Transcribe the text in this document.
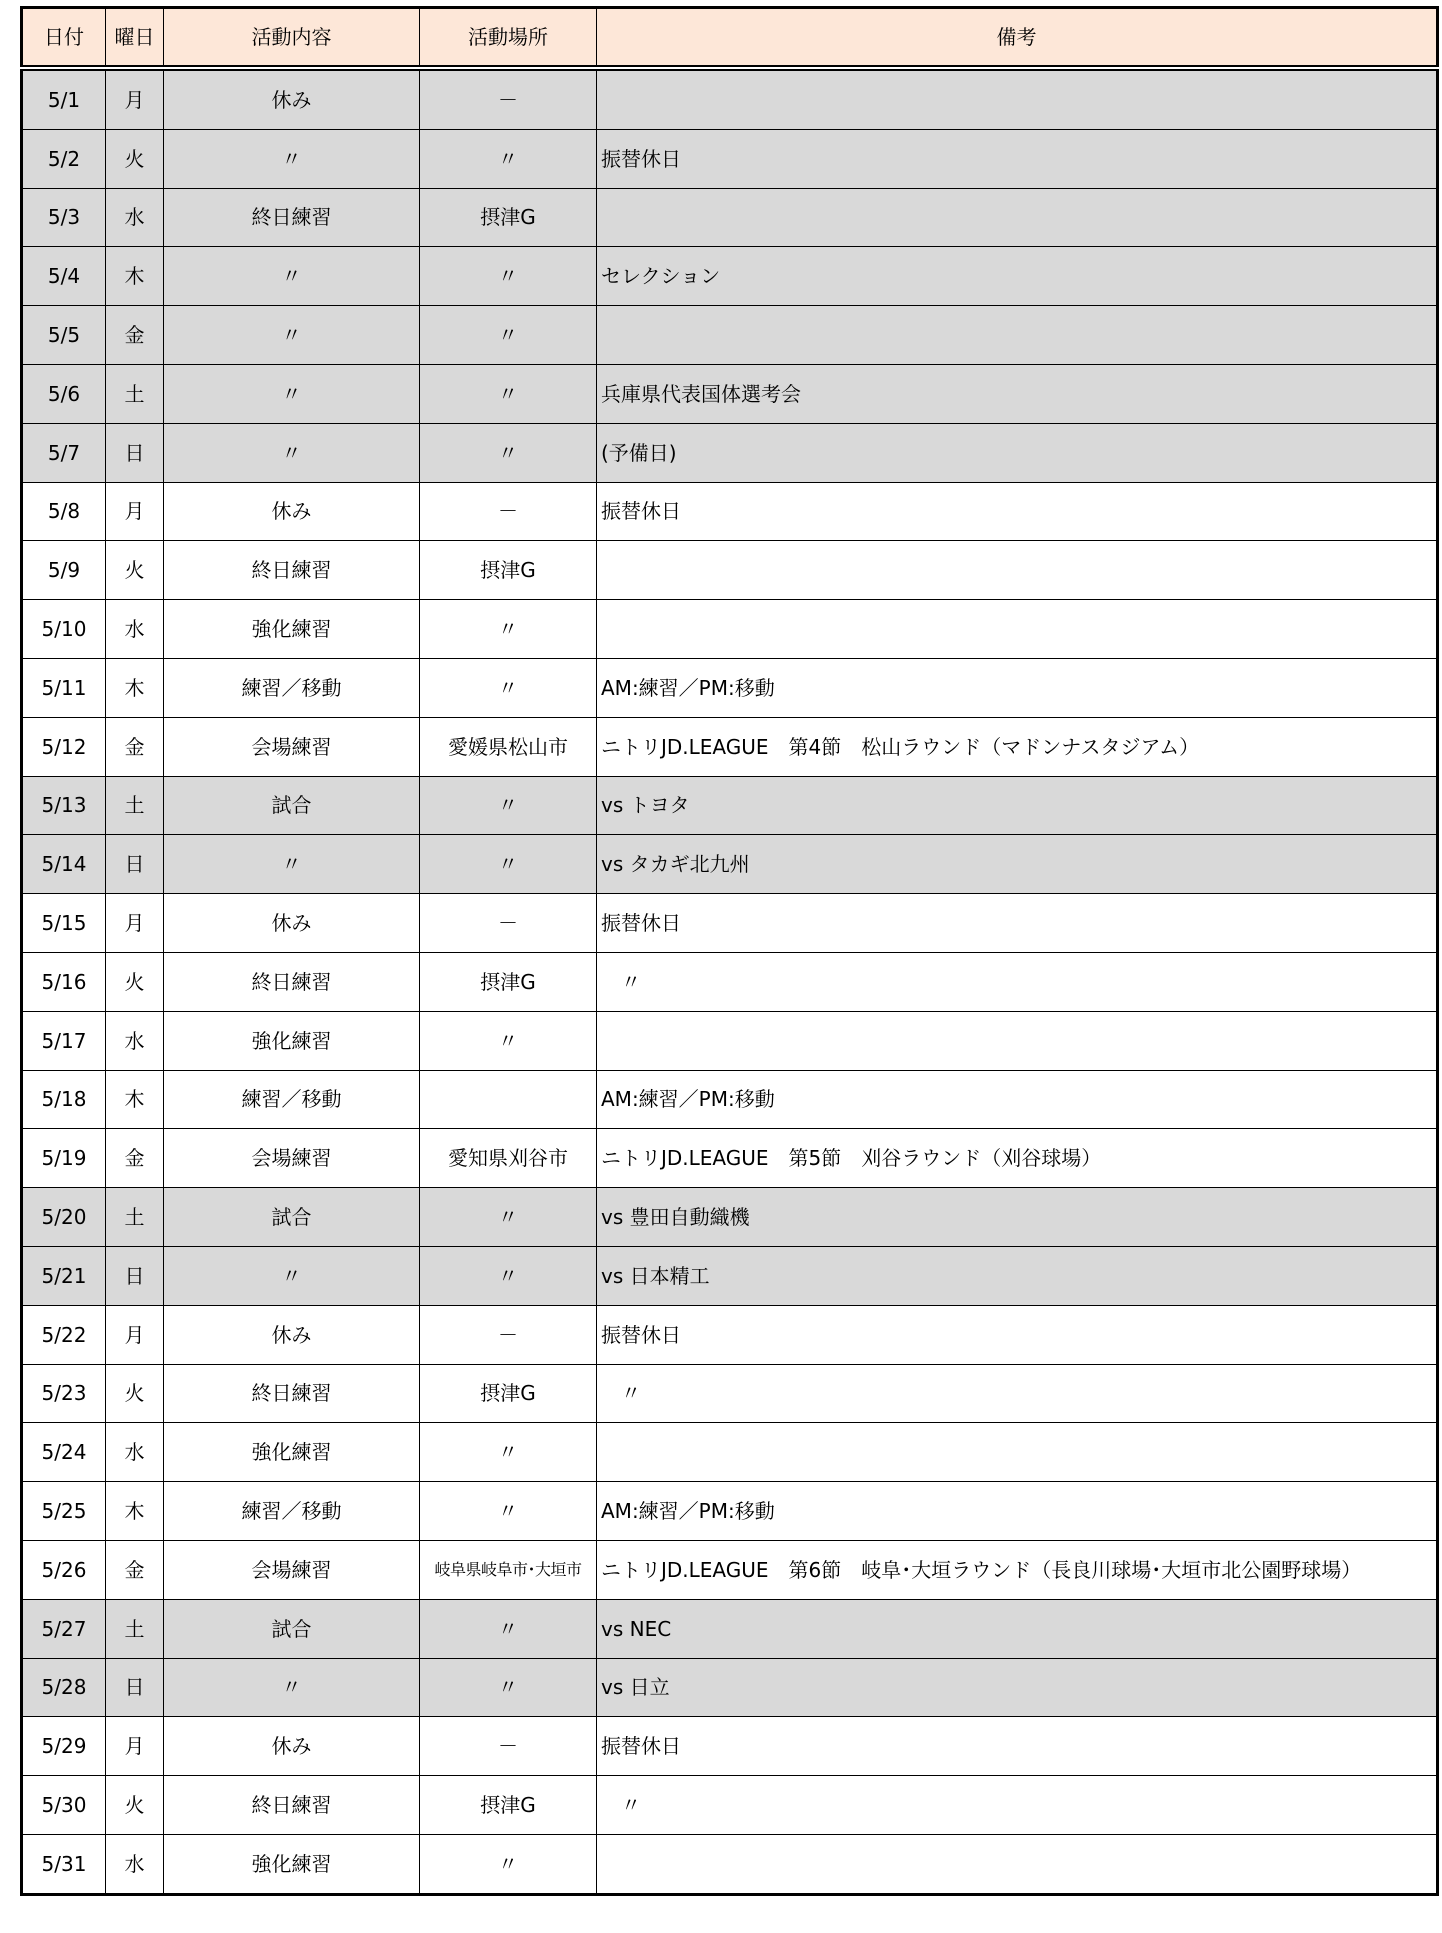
日付	曜日	活動内容	活動場所	備考
5/1	月	休み	－	
5/2	火	〃	〃	振替休日
5/3	水	終日練習	摂津G	
5/4	木	〃	〃	セレクション
5/5	金	〃	〃	
5/6	土	〃	〃	兵庫県代表国体選考会
5/7	日	〃	〃	(予備日)
5/8	月	休み	－	振替休日
5/9	火	終日練習	摂津G	
5/10	水	強化練習	〃	
5/11	木	練習／移動	〃	AM:練習／PM:移動
5/12	金	会場練習	愛媛県松山市	ニトリJD.LEAGUE　第4節　松山ラウンド（マドンナスタジアム）
5/13	土	試合	〃	vs トヨタ
5/14	日	〃	〃	vs タカギ北九州
5/15	月	休み	－	振替休日
5/16	火	終日練習	摂津G	　〃
5/17	水	強化練習	〃	
5/18	木	練習／移動		AM:練習／PM:移動
5/19	金	会場練習	愛知県刈谷市	ニトリJD.LEAGUE　第5節　刈谷ラウンド（刈谷球場）
5/20	土	試合	〃	vs 豊田自動織機
5/21	日	〃	〃	vs 日本精工
5/22	月	休み	－	振替休日
5/23	火	終日練習	摂津G	　〃
5/24	水	強化練習	〃	
5/25	木	練習／移動	〃	AM:練習／PM:移動
5/26	金	会場練習	岐阜県岐阜市･大垣市	ニトリJD.LEAGUE　第6節　岐阜･大垣ラウンド（長良川球場･大垣市北公園野球場）
5/27	土	試合	〃	vs NEC
5/28	日	〃	〃	vs 日立
5/29	月	休み	－	振替休日
5/30	火	終日練習	摂津G	　〃
5/31	水	強化練習	〃	
